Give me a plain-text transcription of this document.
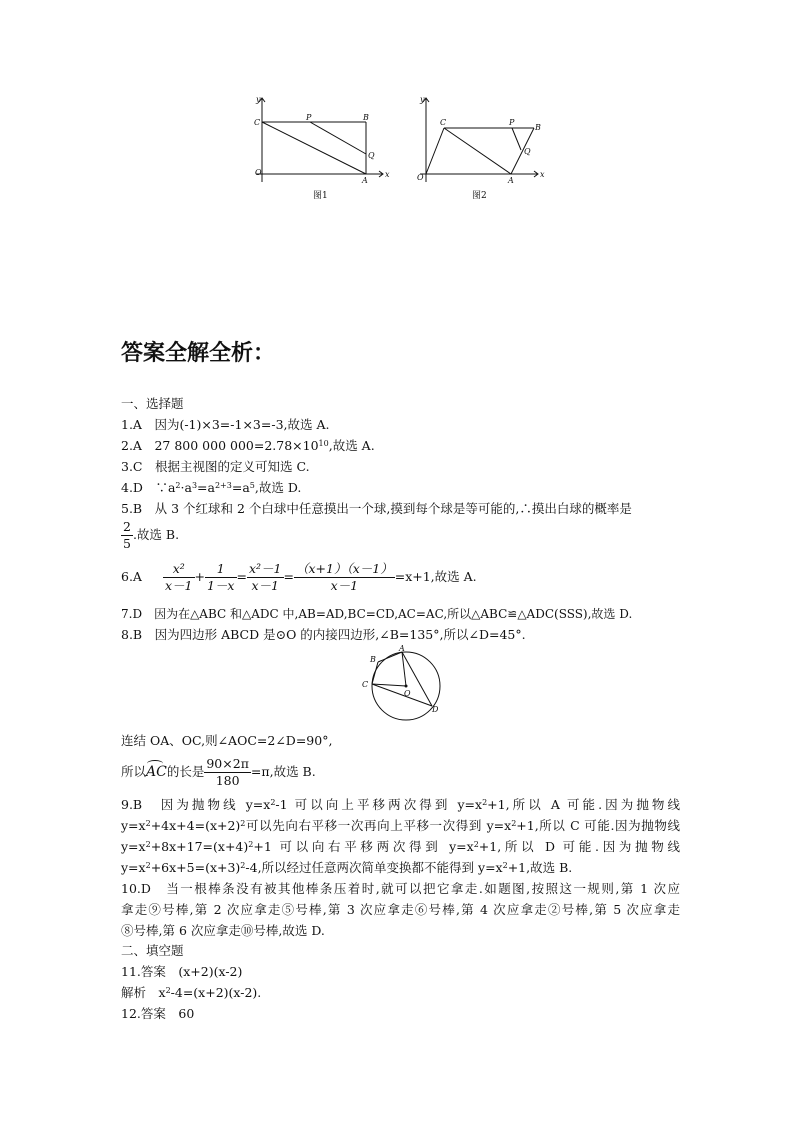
y
P	B
C
Q
O
A
x
图1
y
C	P
B
Q
O	A
x
图2
答案全解全析：
一、选择题
1.A　因为(-1)×3=-1×3=-3,故选 A.
2.A　27 800 000 $000=2.78\times 10^{10}$,故选 A.
3.C　根据主视图的定义可知选 C.
4.D　$\because a^2\cdot a^3=a^{2+3}=a^5$,故选 D.
5.B　从 3 个红球和 2 个白球中任意摸出一个球,摸到每个球是等可能的,∴摸出白球的概率是
$\frac{2}{5}$ .故选 B.
$6.A \frac{\text{x²}}{x-1} + \frac{1}{1-x} = \frac{\text{x²－1}}{x-1} = \frac{(x+1)(x-1)}{x-1} =x+1$,故选 A.
7.D　因为在△ABC 和△ADC 中,AB=AD,BC=CD,AC=AC,所以△ABC≌△ADC(SSS),故选 D.
8.B　因为四边形 ABCD 是⊙O 的内接四边形,∠B=135°,所以∠D=45°.
A
B
C
O
D
连结 OA、OC,则∠AOC=2∠D=90°,
所以AC
的长是 $\frac{90\times 2\pi}{180} =\pi$,故选 B.
9.B　因为抛物线 $y=x^2-1$ 可以向上平移两次得到 $y=x^2+1$,所以 A 可能.因为抛物线
$y=x^2+4x+4=(x+2)^2$可以先向右平移一次再向上平移一次得到 $y=x^2+1$,所以 C 可能.因为抛物线
$y=x^2+8x+17=(x+4)^2+1$ 可以向右平移两次得到 $y=x^2+1$,所以 D 可能.因为抛物线
$y=x^2+6x+5=(x+3)^2-4$,所以经过任意两次简单变换都不能得到 $y=x^2+1$,故选 B.
10.D　当一根棒条没有被其他棒条压着时,就可以把它拿走.如题图,按照这一规则,第 1 次应
拿走⑨号棒,第 2 次应拿走⑤号棒,第 3 次应拿走⑥号棒,第 4 次应拿走②号棒,第 5 次应拿走
⑧号棒,第 6 次应拿走⑩号棒,故选 D.
二、填空题
11.答案　(x+2)(x-2)
解析　$x^2-4=(x+2)(x-2)$.
12.答案　60
